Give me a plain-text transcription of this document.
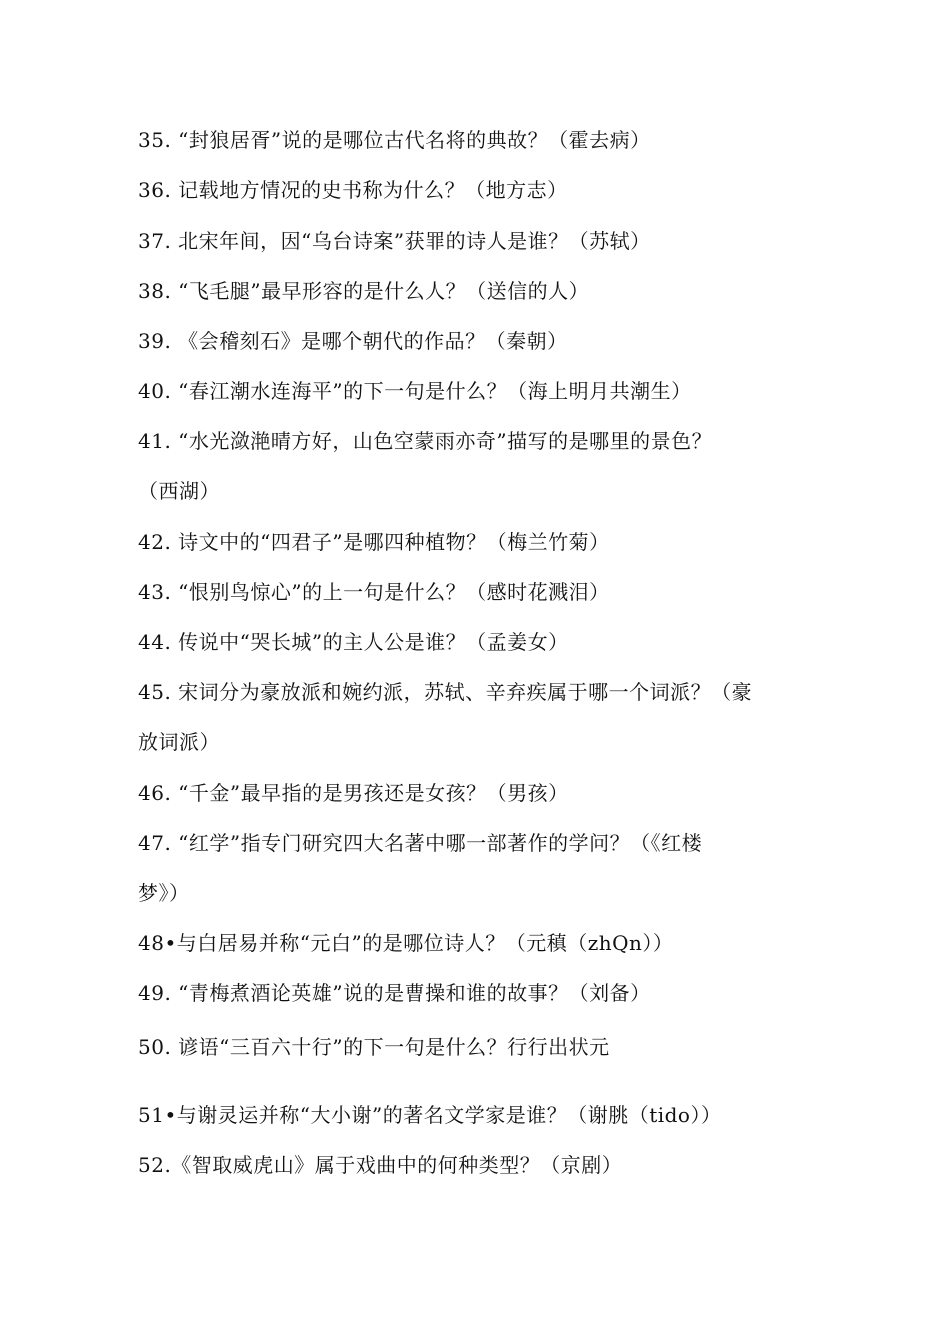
35. “封狼居胥”说的是哪位古代名将的典故？（霍去病）
36. 记载地方情况的史书称为什么？（地方志）
37. 北宋年间，因“乌台诗案”获罪的诗人是谁？（苏轼）
38. “飞毛腿”最早形容的是什么人？（送信的人）
39. 《会稽刻石》是哪个朝代的作品？（秦朝）
40. “春江潮水连海平”的下一句是什么？（海上明月共潮生）
41. “水光潋滟晴方好，山色空蒙雨亦奇”描写的是哪里的景色？
（西湖）
42. 诗文中的“四君子”是哪四种植物？（梅兰竹菊）
43. “恨别鸟惊心”的上一句是什么？（感时花溅泪）
44. 传说中“哭长城”的主人公是谁？（孟姜女）
45. 宋词分为豪放派和婉约派，苏轼、辛弃疾属于哪一个词派？（豪
放词派）
46. “千金”最早指的是男孩还是女孩？（男孩）
47. “红学”指专门研究四大名著中哪一部著作的学问？（《红楼
梦》）
48•与白居易并称“元白”的是哪位诗人？（元稹（zhQn））
49. “青梅煮酒论英雄”说的是曹操和谁的故事？（刘备）
50. 谚语“三百六十行”的下一句是什么？行行出状元
51•与谢灵运并称“大小谢”的著名文学家是谁？（谢朓（tido））
52.《智取威虎山》属于戏曲中的何种类型？（京剧）
